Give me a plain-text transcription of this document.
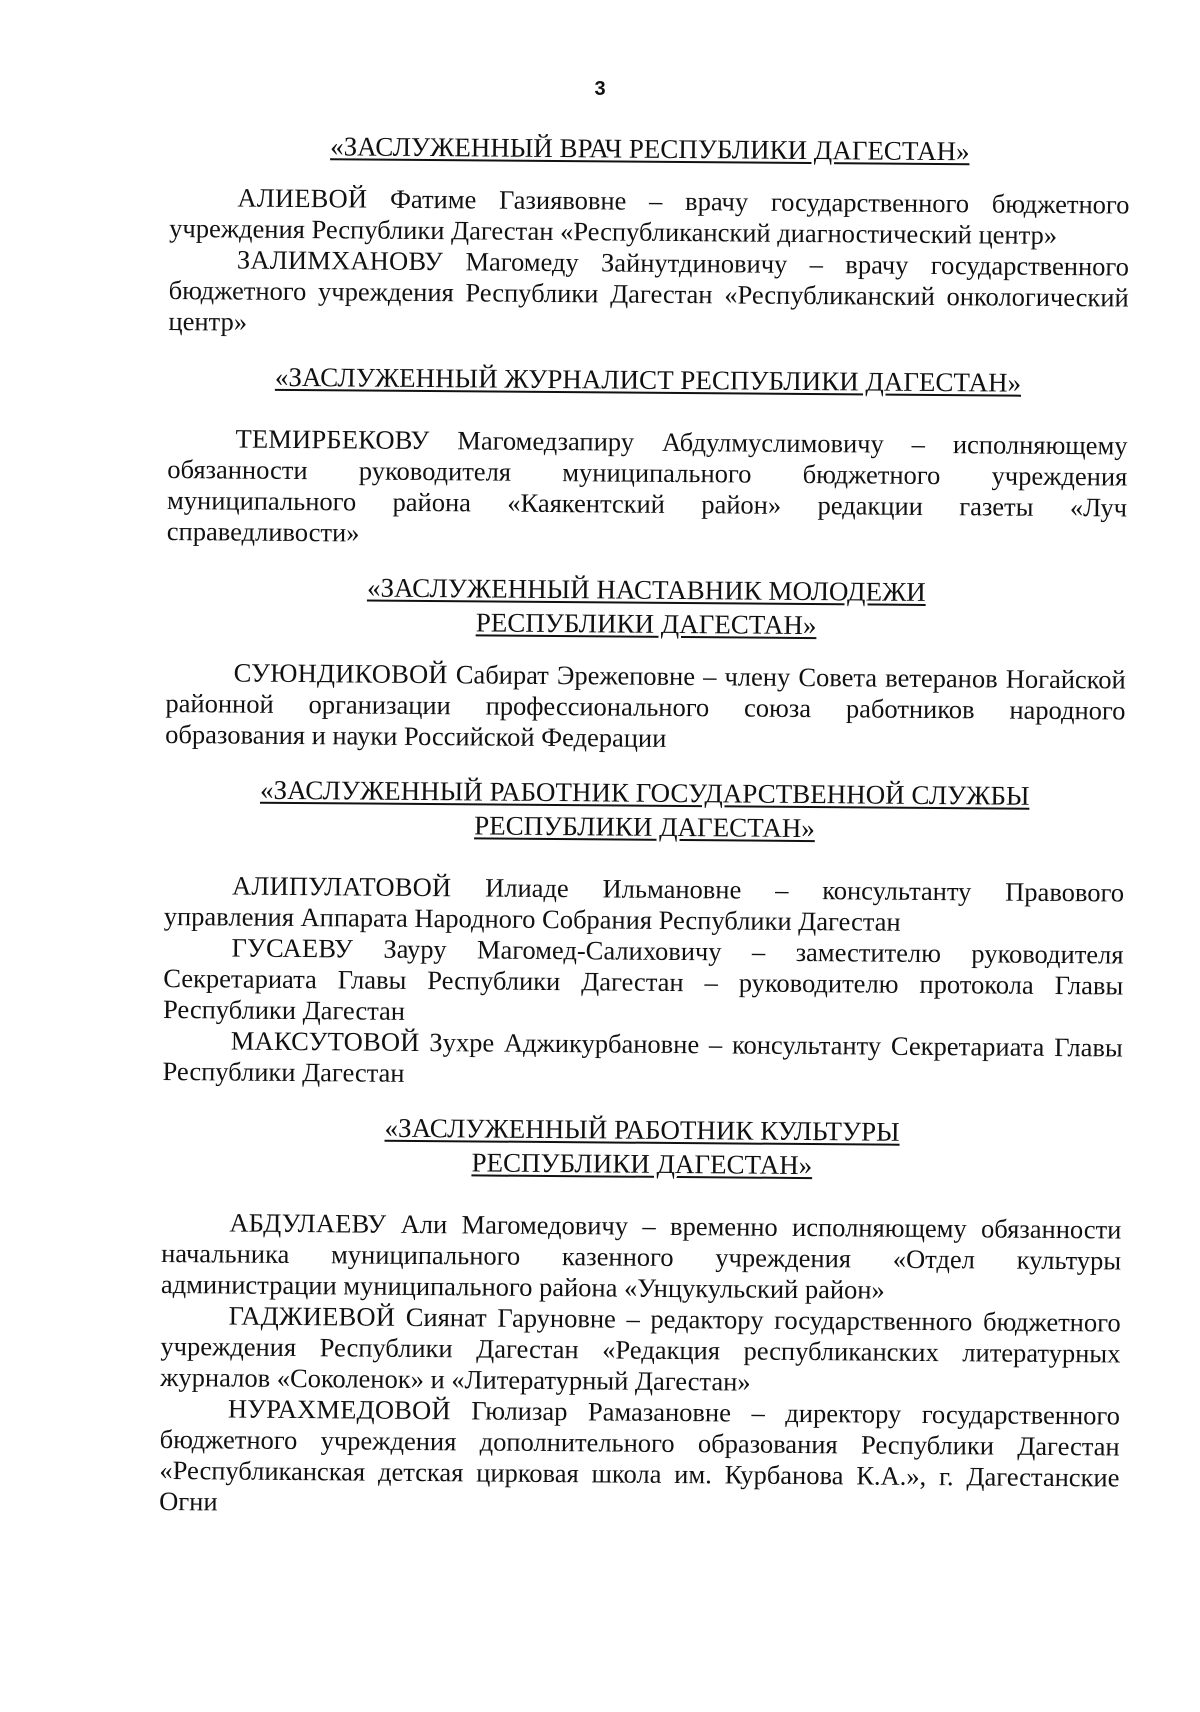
3
«ЗАСЛУЖЕННЫЙ ВРАЧ РЕСПУБЛИКИ ДАГЕСТАН»

АЛИЕВОЙ Фатиме Газиявовне – врачу государственного бюджетного учреждения Республики Дагестан «Республиканский диагностический центр»

ЗАЛИМХАНОВУ Магомеду Зайнутдиновичу – врачу государственного бюджетного учреждения Республики Дагестан «Республиканский онкологический центр»

«ЗАСЛУЖЕННЫЙ ЖУРНАЛИСТ РЕСПУБЛИКИ ДАГЕСТАН»

ТЕМИРБЕКОВУ Магомедзапиру Абдулмуслимовичу – исполняющему обязанности руководителя муниципального бюджетного учреждения муниципального района «Каякентский район» редакции газеты «Луч справедливости»

«ЗАСЛУЖЕННЫЙ НАСТАВНИК МОЛОДЕЖИ
РЕСПУБЛИКИ ДАГЕСТАН»

СУЮНДИКОВОЙ Сабират Эрежеповне – члену Совета ветеранов Ногайской районной организации профессионального союза работников народного образования и науки Российской Федерации

«ЗАСЛУЖЕННЫЙ РАБОТНИК ГОСУДАРСТВЕННОЙ СЛУЖБЫ
РЕСПУБЛИКИ ДАГЕСТАН»

АЛИПУЛАТОВОЙ Илиаде Ильмановне – консультанту Правового управления Аппарата Народного Собрания Республики Дагестан

ГУСАЕВУ Зауру Магомед-Салиховичу – заместителю руководителя Секретариата Главы Республики Дагестан – руководителю протокола Главы Республики Дагестан

МАКСУТОВОЙ Зухре Аджикурбановне – консультанту Секретариата Главы Республики Дагестан

«ЗАСЛУЖЕННЫЙ РАБОТНИК КУЛЬТУРЫ
РЕСПУБЛИКИ ДАГЕСТАН»

АБДУЛАЕВУ Али Магомедовичу – временно исполняющему обязанности начальника муниципального казенного учреждения «Отдел культуры администрации муниципального района «Унцукульский район»

ГАДЖИЕВОЙ Сиянат Гаруновне – редактору государственного бюджетного учреждения Республики Дагестан «Редакция республиканских литературных журналов «Соколенок» и «Литературный Дагестан»

НУРАХМЕДОВОЙ Гюлизар Рамазановне – директору государственного бюджетного учреждения дополнительного образования Республики Дагестан «Республиканская детская цирковая школа им. Курбанова К.А.», г. Дагестанские Огни
